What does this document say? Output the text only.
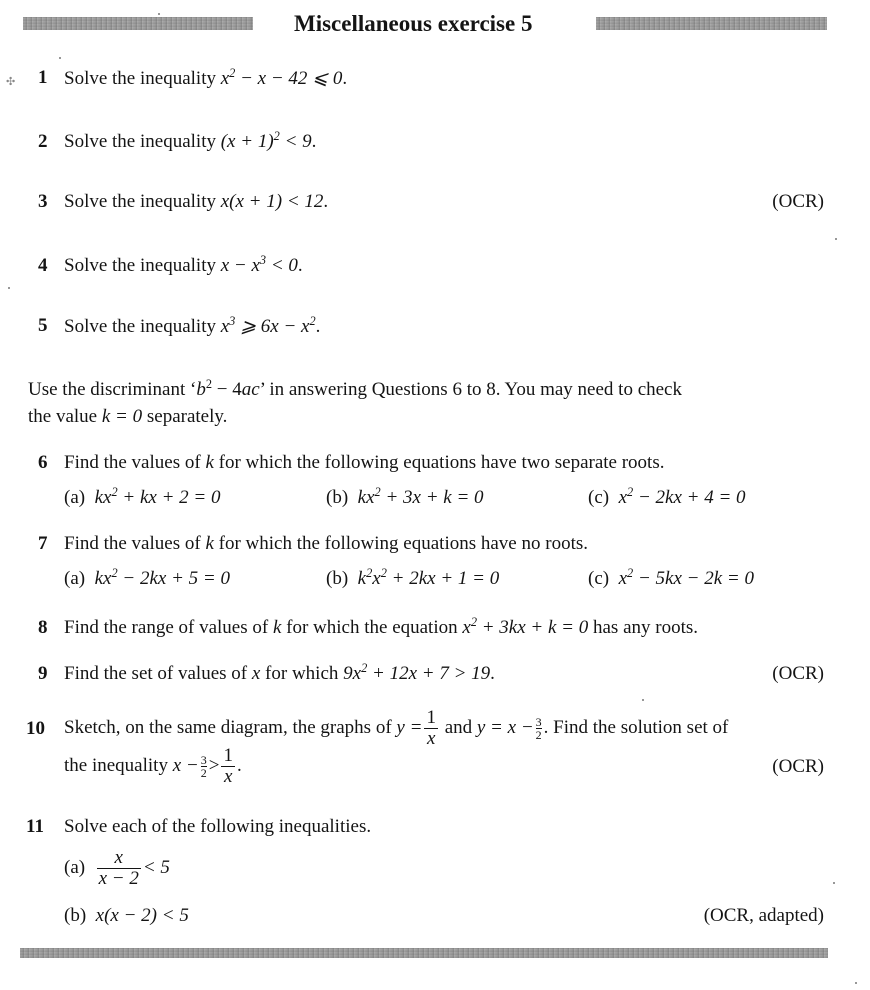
Miscellaneous exercise 5
✣ 1 Solve the inequality $x^2 - x - 42$ ⩽ 0.
2 Solve the inequality $(x + 1)^2 < 9$.
3 Solve the inequality x(x + 1) < 12.	(OCR)
4 Solve the inequality $x - x^3 < 0$.
5 Solve the inequality $x^3$ ⩾ $6x - x^2$.
Use the discriminant ‘$b^2 - 4ac$’ in answering Questions 6 to 8. You may need to check
the value k = 0 separately.
6 Find the values of k for which the following equations have two separate roots.
(a) $kx^2$ + kx + 2 = 0	(b) $kx^2 + 3x + k = 0$	(c) $x^2 - 2kx + 4 = 0$
7 Find the values of k for which the following equations have no roots.
(a) $kx^2 - 2kx + 5 = 0$	(b) $k^2x^2 + 2kx + 1 = 0$	(c) $x^2 - 5kx - 2k = 0$
8 Find the range of values of k for which the equation $x^2 + 3kx + k = 0$ has any roots.
9 Find the set of values of x for which $9x^2 + 12x + 7 > 19$.	(OCR)
10 Sketch, on the same diagram, the graphs of $y = \frac{1}{x}$ and $y = x - \frac{3}{2}$ . Find the solution set of
the inequality $x - \frac{3}{2} > \frac{1}{x}$ .	(OCR)
11 Solve each of the following inequalities.
$(a) \frac{x}{x - 2} < 5$
(b) x(x − 2) < 5	(OCR, adapted)
